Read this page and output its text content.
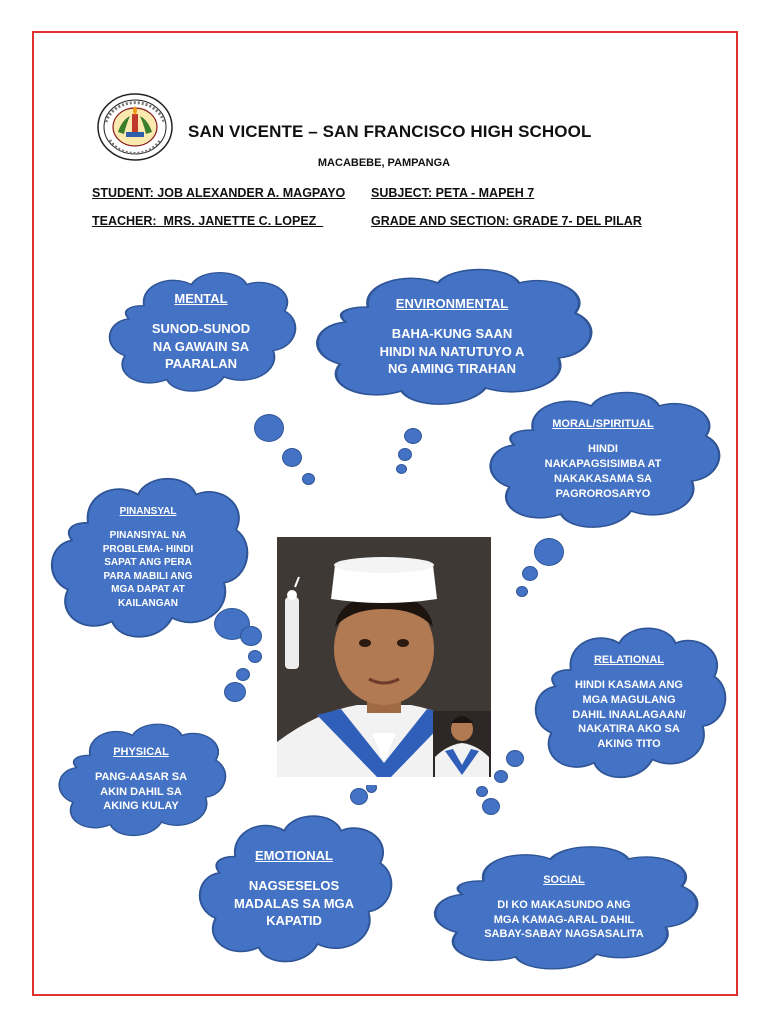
SAN VICENTE – SAN FRANCISCO HIGH SCHOOL
MACABEBE, PAMPANGA
STUDENT: JOB ALEXANDER A. MAGPAYO SUBJECT: PETA - MAPEH 7
TEACHER:  MRS. JANETTE C. LOPEZ	GRADE AND SECTION: GRADE 7- DEL PILAR
MENTAL
SUNOD-SUNOD NA GAWAIN SA PAARALAN
ENVIRONMENTAL
BAHA-KUNG SAAN HINDI NA NATUTUYO A NG AMING TIRAHAN
MORAL/SPIRITUAL
HINDI NAKAPAGSISIMBA AT NAKAKASAMA SA PAGROROSARYO
PINANSYAL
PINANSIYAL NA PROBLEMA- HINDI SAPAT ANG PERA PARA MABILI ANG MGA DAPAT AT KAILANGAN
RELATIONAL
HINDI KASAMA ANG MGA MAGULANG DAHIL INAALAGAAN/ NAKATIRA AKO SA AKING TITO
PHYSICAL
PANG-AASAR SA AKIN DAHIL SA AKING KULAY
EMOTIONAL
NAGSESELOS MADALAS SA MGA KAPATID
SOCIAL
DI KO MAKASUNDO ANG MGA KAMAG-ARAL DAHIL SABAY-SABAY NAGSASALITA
